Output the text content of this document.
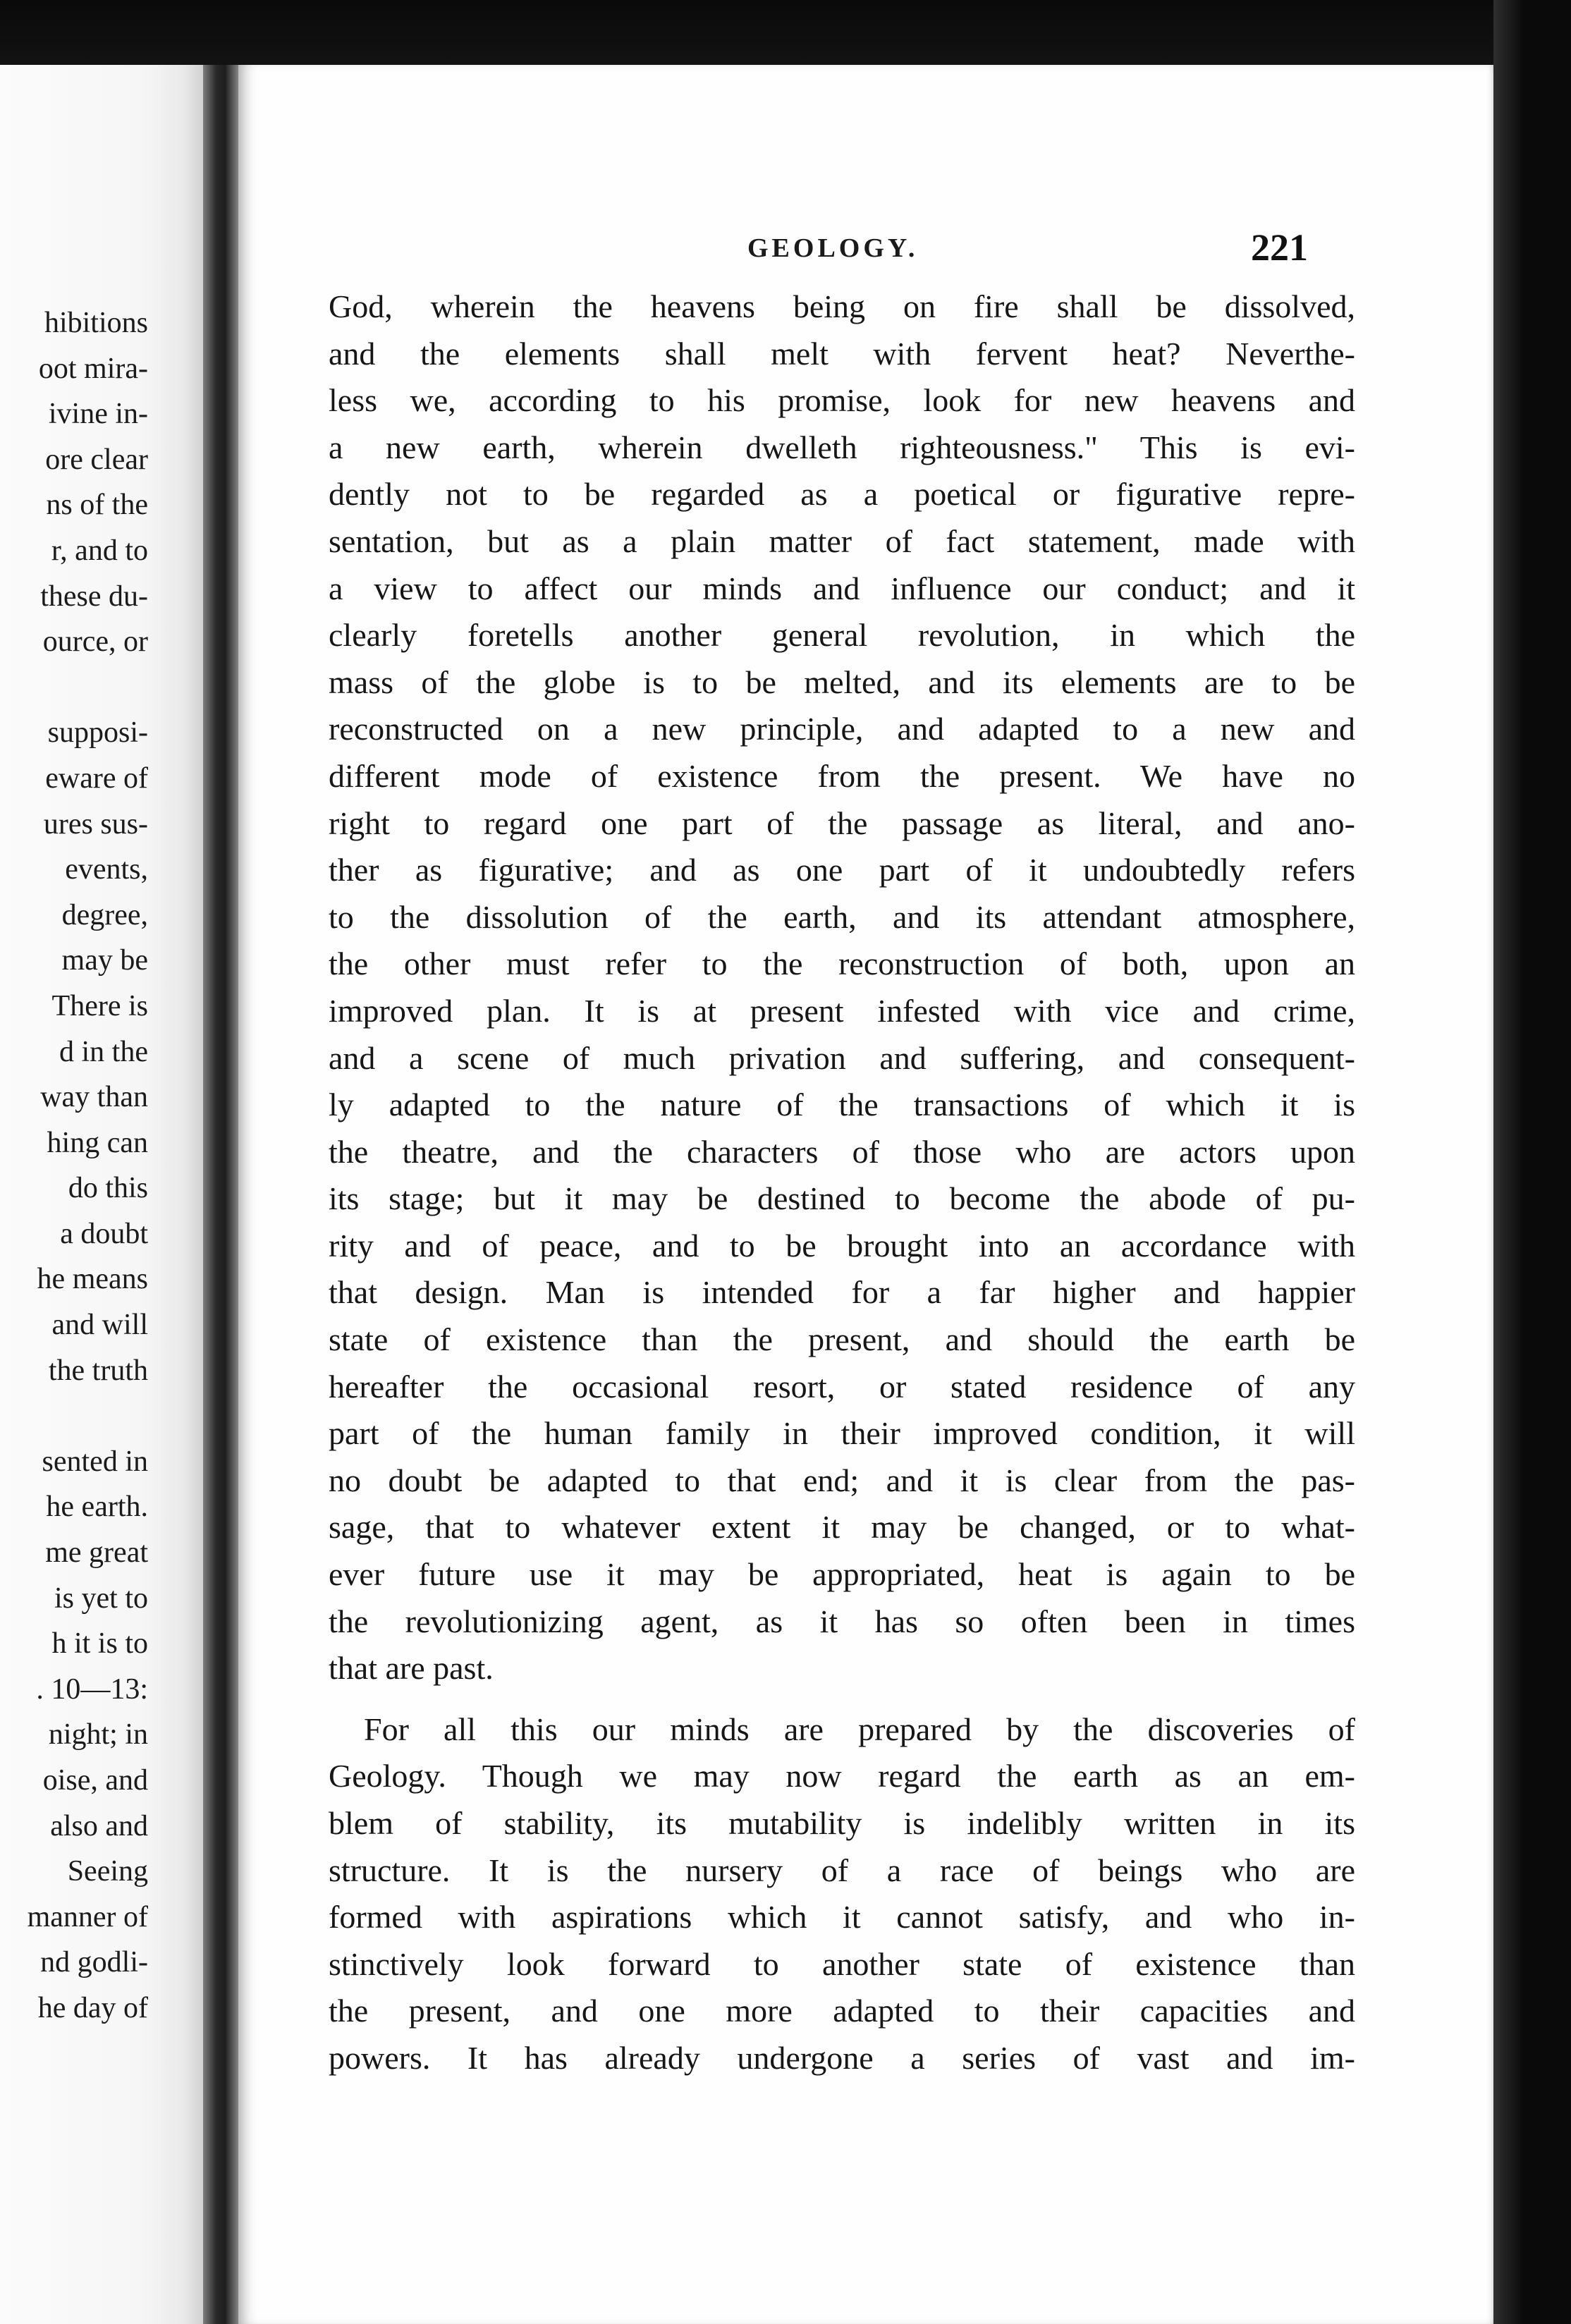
hibitions
oot mira-
ivine in-
ore clear
ns of the
r, and to
these du-
ource, or
supposi-
eware of
ures sus-
events,
degree,
may be
There is
d in the
way than
hing can
do this
a doubt
he means
and will
the truth
sented in
he earth.
me great
is yet to
h it is to
. 10—13:
night; in
oise, and
also and
Seeing
manner of
nd godli-
he day of
GEOLOGY.	221
God, wherein the heavens being on fire shall be dissolved,
and the elements shall melt with fervent heat? Neverthe-
less we, according to his promise, look for new heavens and
a new earth, wherein dwelleth righteousness." This is evi-
dently not to be regarded as a poetical or figurative repre-
sentation, but as a plain matter of fact statement, made with
a view to affect our minds and influence our conduct; and it
clearly foretells another general revolution, in which the
mass of the globe is to be melted, and its elements are to be
reconstructed on a new principle, and adapted to a new and
different mode of existence from the present. We have no
right to regard one part of the passage as literal, and ano-
ther as figurative; and as one part of it undoubtedly refers
to the dissolution of the earth, and its attendant atmosphere,
the other must refer to the reconstruction of both, upon an
improved plan. It is at present infested with vice and crime,
and a scene of much privation and suffering, and consequent-
ly adapted to the nature of the transactions of which it is
the theatre, and the characters of those who are actors upon
its stage; but it may be destined to become the abode of pu-
rity and of peace, and to be brought into an accordance with
that design. Man is intended for a far higher and happier
state of existence than the present, and should the earth be
hereafter the occasional resort, or stated residence of any
part of the human family in their improved condition, it will
no doubt be adapted to that end; and it is clear from the pas-
sage, that to whatever extent it may be changed, or to what-
ever future use it may be appropriated, heat is again to be
the revolutionizing agent, as it has so often been in times
that are past.
For all this our minds are prepared by the discoveries of
Geology. Though we may now regard the earth as an em-
blem of stability, its mutability is indelibly written in its
structure. It is the nursery of a race of beings who are
formed with aspirations which it cannot satisfy, and who in-
stinctively look forward to another state of existence than
the present, and one more adapted to their capacities and
powers. It has already undergone a series of vast and im-
